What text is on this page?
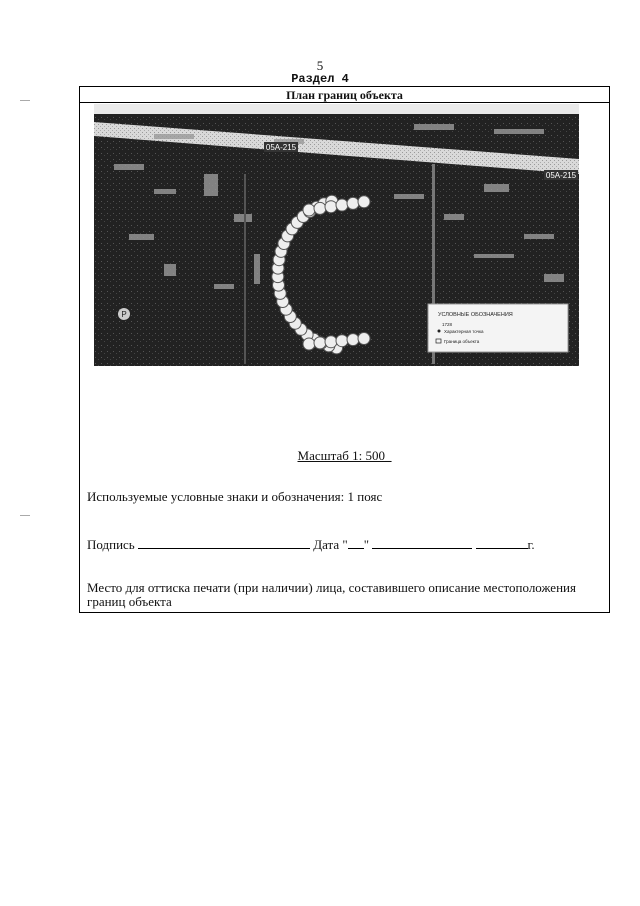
5
Раздел 4
План границ объекта
05A-215
05A-215
P	УСЛОВНЫЕ ОБОЗНАЧЕНИЯ
1728
Характерная точка
Граница объекта
Масштаб 1: 500_
Используемые условные знаки и обозначения: 1 пояс
Подпись	Дата " "	г.
Место для оттиска печати (при наличии) лица, составившего описание местоположения границ объекта
